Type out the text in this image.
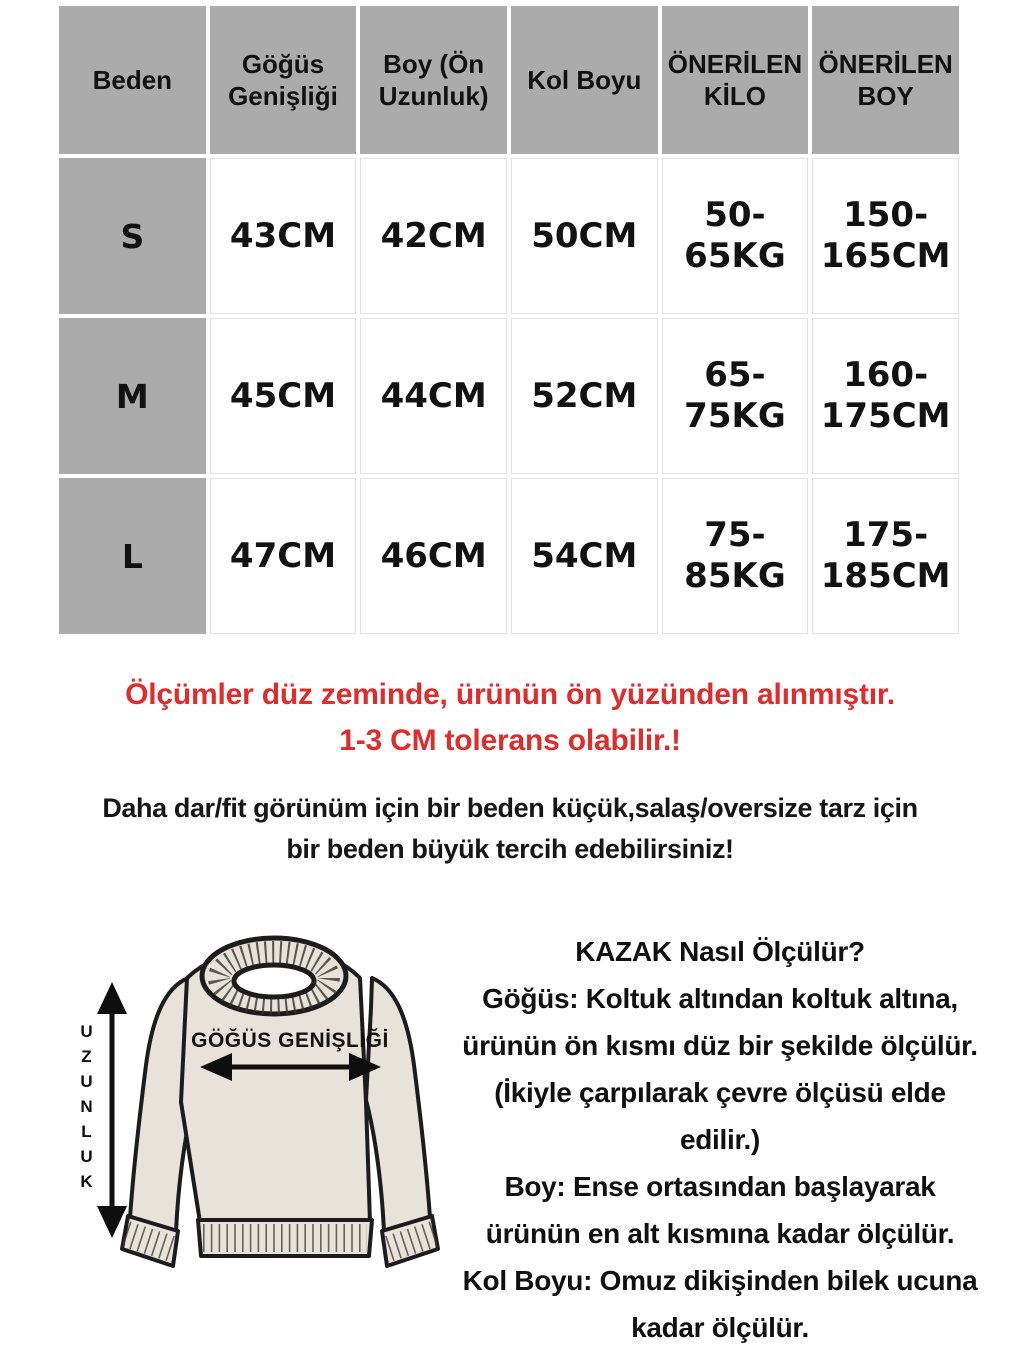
Beden	Göğüs Genişliği	Boy (Ön Uzunluk)	Kol Boyu	ÖNERİLEN KİLO	ÖNERİLEN BOY
S	43CM	42CM	50CM	50-65KG	150-165CM
M	45CM	44CM	52CM	65-75KG	160-175CM
L	47CM	46CM	54CM	75-85KG	175-185CM
Ölçümler düz zeminde, ürünün ön yüzünden alınmıştır.
1-3 CM tolerans olabilir.!
Daha dar/fit görünüm için bir beden küçük,salaş/oversize tarz için
bir beden büyük tercih edebilirsiniz!
GÖĞÜS GENİŞLİĞİ
UZUNLUK
KAZAK Nasıl Ölçülür?
Göğüs: Koltuk altından koltuk altına,
ürünün ön kısmı düz bir şekilde ölçülür.
(İkiyle çarpılarak çevre ölçüsü elde
edilir.)
Boy: Ense ortasından başlayarak
ürünün en alt kısmına kadar ölçülür.
Kol Boyu: Omuz dikişinden bilek ucuna
kadar ölçülür.
